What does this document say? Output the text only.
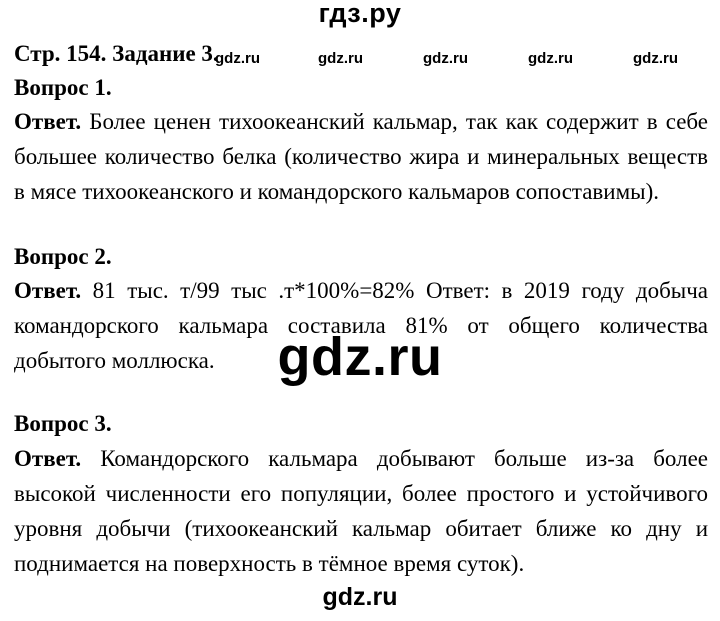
гдз.ру
Стр. 154. Задание 3.
gdz.ru	gdz.ru	gdz.ru	gdz.ru	gdz.ru
Вопрос 1.
Ответ. Более ценен тихоокеанский кальмар, так как содержит в себе большее количество белка (количество жира и минеральных веществ в мясе тихоокеанского и командорского кальмаров сопоставимы).
Вопрос 2.
Ответ. 81 тыс. т/99 тыс .т*100%=82% Ответ: в 2019 году добыча командорского кальмара составила 81% от общего количества добытого моллюска.	gdz.ru
Вопрос 3.
Ответ. Командорского кальмара добывают больше из-за более высокой численности его популяции, более простого и устойчивого уровня добычи (тихоокеанский кальмар обитает ближе ко дну и поднимается на поверхность в тёмное время суток).
gdz.ru
